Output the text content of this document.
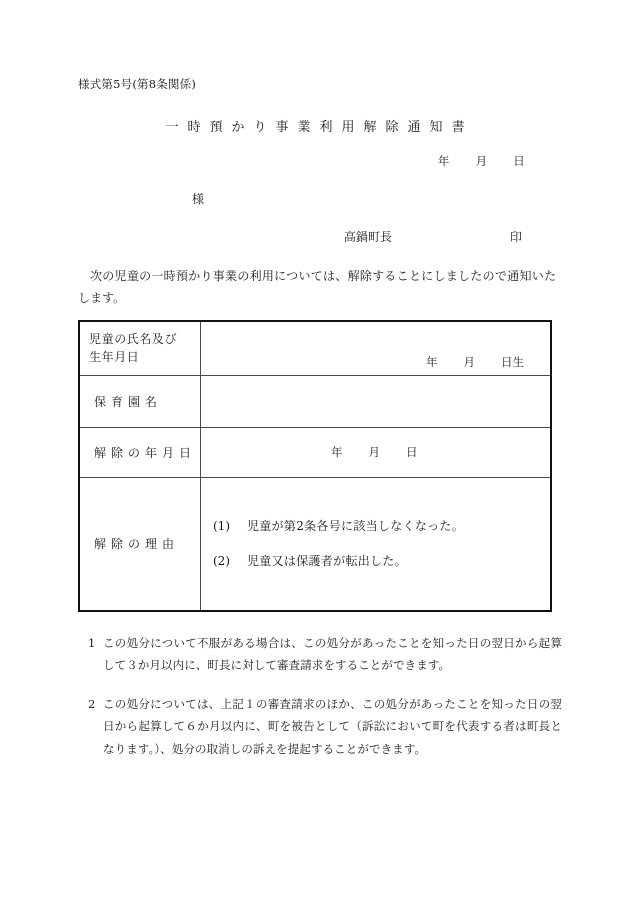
様式第5号(第8条関係)
一時預かり事業利用解除通知書
年 月 日
様
高鍋町長	印
次の児童の一時預かり事業の利用については、解除することにしましたので通知いたします。
児童の氏名及び
生年月日	年 月 日生

保育園名	

解除の年月日	年 月 日

解除の理由

(1)	児童が第2条各号に該当しなくなった。
(2)	児童又は保護者が転出した。
1 この処分について不服がある場合は、この処分があったことを知った日の翌日から起算して３か月以内に、町長に対して審査請求をすることができます。
2 この処分については、上記１の審査請求のほか、この処分があったことを知った日の翌日から起算して６か月以内に、町を被告として（訴訟において町を代表する者は町長となります。）、処分の取消しの訴えを提起することができます。
